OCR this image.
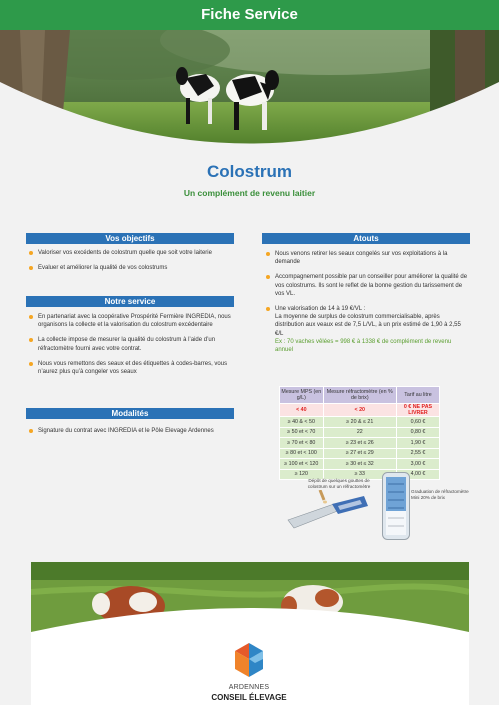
Fiche Service
Colostrum
Un complément de revenu laitier
Vos objectifs
Valoriser vos excédents de colostrum quelle que soit votre laiterie
Evaluer et améliorer la qualité de vos colostrums
Notre service
En partenariat avec la coopérative Prospérité Fermière INGREDIA, nous organisons la collecte et la valorisation du colostrum excédentaire
La collecte impose de mesurer la qualité du colostrum à l’aide d’un réfractomètre fourni avec votre contrat.
Nous vous remettons des seaux et des étiquettes à codes-barres, vous n’aurez plus qu’à congeler vos seaux
Modalités
Signature du contrat avec INGREDIA et le Pôle Elevage Ardennes
Atouts
Nous venons retirer les seaux congelés sur vos exploitations à la demande
Accompagnement possible par un conseiller pour améliorer la qualité de vos colostrums. Ils sont le reflet de la bonne gestion du tarissement de vos VL.
Une valorisation de 14 à 19 €/VL :
La moyenne de surplus de colostrum commercialisable, après distribution aux veaux est de 7,5 L/VL, à un prix estimé de 1,90 à 2,55 €/L
Ex : 70 vaches vêlées = 998 € à 1338 € de complément de revenu annuel
Mesure MPS (en g/L)	Mesure réfractomètre (en % de brix)	Tarif au litre
< 40	< 20	0 € NE PAS LIVRER
≥ 40 & < 50	≥ 20 & ≤ 21	0,60 €
≥ 50 et < 70	22	0,80 €
≥ 70 et < 80	≥ 23 et ≤ 26	1,90 €
≥ 80 et < 100	≥ 27 et ≤ 29	2,55 €
≥ 100 et < 120	≥ 30 et ≤ 32	3,00 €
≥ 120	≥ 33	4,00 €
Dépôt de quelques gouttes de colostrum sur un réfractomètre
Graduation de réfractomètre Mini 20% de brix
ARDENNES
CONSEIL ÉLEVAGE
